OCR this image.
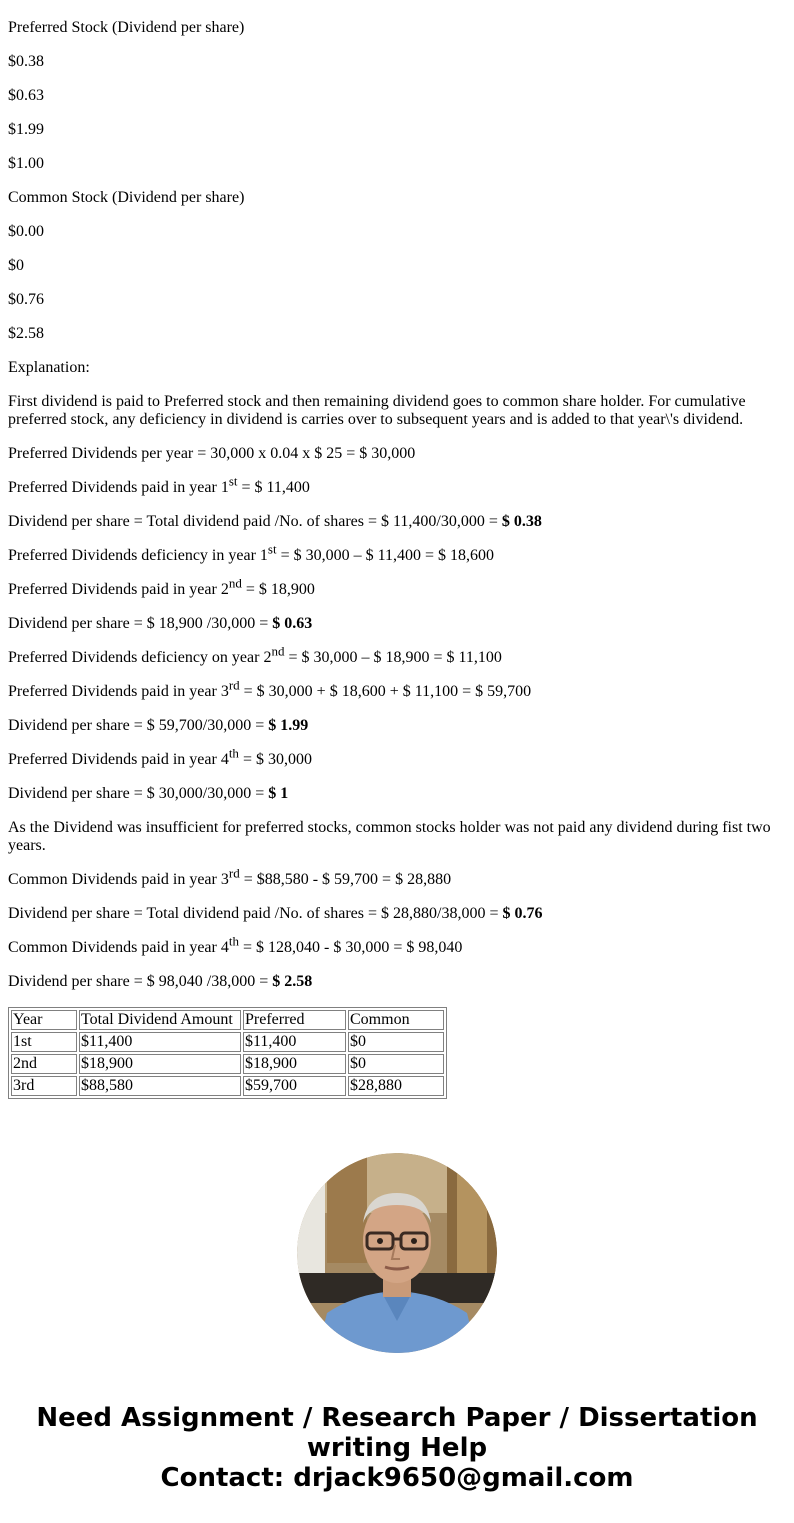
Preferred Stock (Dividend per share)

$0.38

$0.63

$1.99

$1.00

Common Stock (Dividend per share)

$0.00

$0

$0.76

$2.58

Explanation:

First dividend is paid to Preferred stock and then remaining dividend goes to common share holder. For cumulative preferred stock, any deficiency in dividend is carries over to subsequent years and is added to that year\'s dividend.

Preferred Dividends per year = 30,000 x 0.04 x $ 25 = $ 30,000

Preferred Dividends paid in year 1st = $ 11,400

Dividend per share = Total dividend paid /No. of shares = $ 11,400/30,000 = $ 0.38

Preferred Dividends deficiency in year 1st = $ 30,000 – $ 11,400 = $ 18,600

Preferred Dividends paid in year 2nd = $ 18,900

Dividend per share = $ 18,900 /30,000 = $ 0.63

Preferred Dividends deficiency on year 2nd = $ 30,000 – $ 18,900 = $ 11,100

Preferred Dividends paid in year 3rd = $ 30,000 + $ 18,600 + $ 11,100 = $ 59,700

Dividend per share = $ 59,700/30,000 = $ 1.99

Preferred Dividends paid in year 4th = $ 30,000

Dividend per share = $ 30,000/30,000 = $ 1

As the Dividend was insufficient for preferred stocks, common stocks holder was not paid any dividend during fist two years.

Common Dividends paid in year 3rd = $88,580 - $ 59,700 = $ 28,880

Dividend per share = Total dividend paid /No. of shares = $ 28,880/38,000 = $ 0.76

Common Dividends paid in year 4th = $ 128,040 - $ 30,000 = $ 98,040

Dividend per share = $ 98,040 /38,000 = $ 2.58

Year	Total Dividend Amount	Preferred	Common
1st	$11,400	$11,400	$0
2nd	$18,900	$18,900	$0
3rd	$88,580	$59,700	$28,880
Need Assignment / Research Paper / Dissertation
writing Help
Contact: drjack9650@gmail.com
